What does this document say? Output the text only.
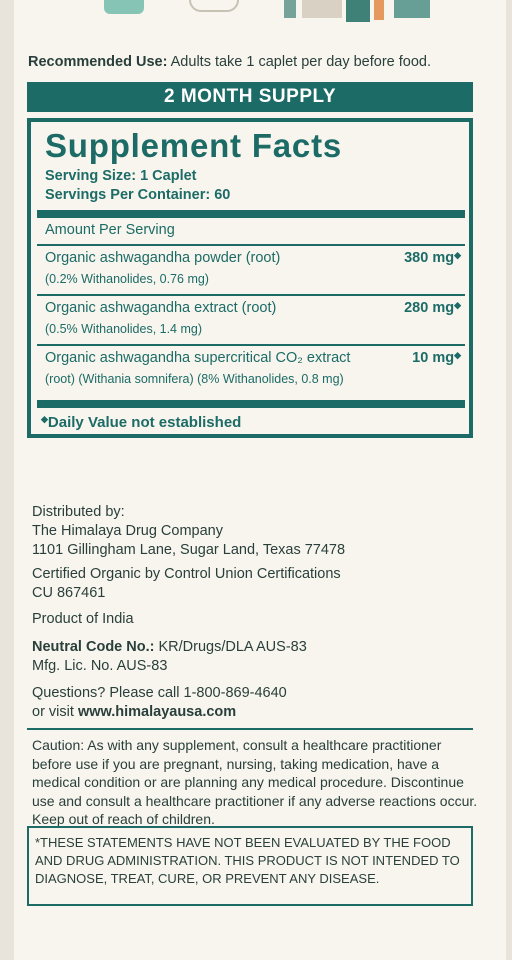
Recommended Use: Adults take 1 caplet per day before food.
2 MONTH SUPPLY
Supplement Facts
Serving Size: 1 Caplet
Servings Per Container: 60
Amount Per Serving
Organic ashwagandha powder (root)	380 mg◆
(0.2% Withanolides, 0.76 mg)
Organic ashwagandha extract (root)	280 mg◆
(0.5% Withanolides, 1.4 mg)
Organic ashwagandha supercritical CO₂ extract	10 mg◆
(root) (Withania somnifera) (8% Withanolides, 0.8 mg)
◆Daily Value not established
Distributed by:
The Himalaya Drug Company
1101 Gillingham Lane, Sugar Land, Texas 77478
Certified Organic by Control Union Certifications
CU 867461
Product of India
Neutral Code No.: KR/Drugs/DLA AUS-83
Mfg. Lic. No. AUS-83
Questions? Please call 1-800-869-4640
or visit www.himalayausa.com
Caution: As with any supplement, consult a healthcare practitioner before use if you are pregnant, nursing, taking medication, have a medical condition or are planning any medical procedure. Discontinue use and consult a healthcare practitioner if any adverse reactions occur. Keep out of reach of children.
*THESE STATEMENTS HAVE NOT BEEN EVALUATED BY THE FOOD AND DRUG ADMINISTRATION. THIS PRODUCT IS NOT INTENDED TO DIAGNOSE, TREAT, CURE, OR PREVENT ANY DISEASE.
